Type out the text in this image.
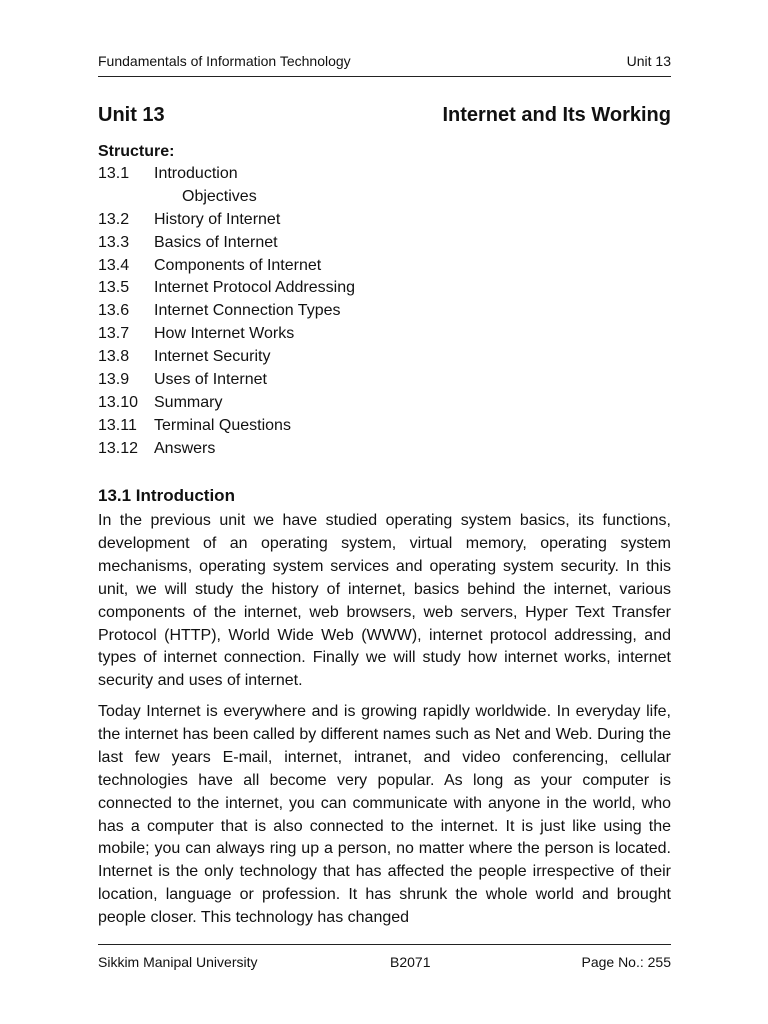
Fundamentals of Information Technology	Unit 13
Unit 13	Internet and Its Working
Structure:
13.1 Introduction
Objectives
13.2 History of Internet
13.3 Basics of Internet
13.4 Components of Internet
13.5 Internet Protocol Addressing
13.6 Internet Connection Types
13.7 How Internet Works
13.8 Internet Security
13.9 Uses of Internet
13.10 Summary
13.11 Terminal Questions
13.12 Answers
13.1 Introduction

In the previous unit we have studied operating system basics, its functions, development of an operating system, virtual memory, operating system mechanisms, operating system services and operating system security. In this unit, we will study the history of internet, basics behind the internet, various components of the internet, web browsers, web servers, Hyper Text Transfer Protocol (HTTP), World Wide Web (WWW), internet protocol addressing, and types of internet connection. Finally we will study how internet works, internet security and uses of internet.

Today Internet is everywhere and is growing rapidly worldwide. In everyday life, the internet has been called by different names such as Net and Web. During the last few years E-mail, internet, intranet, and video conferencing, cellular technologies have all become very popular. As long as your computer is connected to the internet, you can communicate with anyone in the world, who has a computer that is also connected to the internet. It is just like using the mobile; you can always ring up a person, no matter where the person is located. Internet is the only technology that has affected the people irrespective of their location, language or profession. It has shrunk the whole world and brought people closer. This technology has changed

Sikkim Manipal University	B2071	Page No.: 255
